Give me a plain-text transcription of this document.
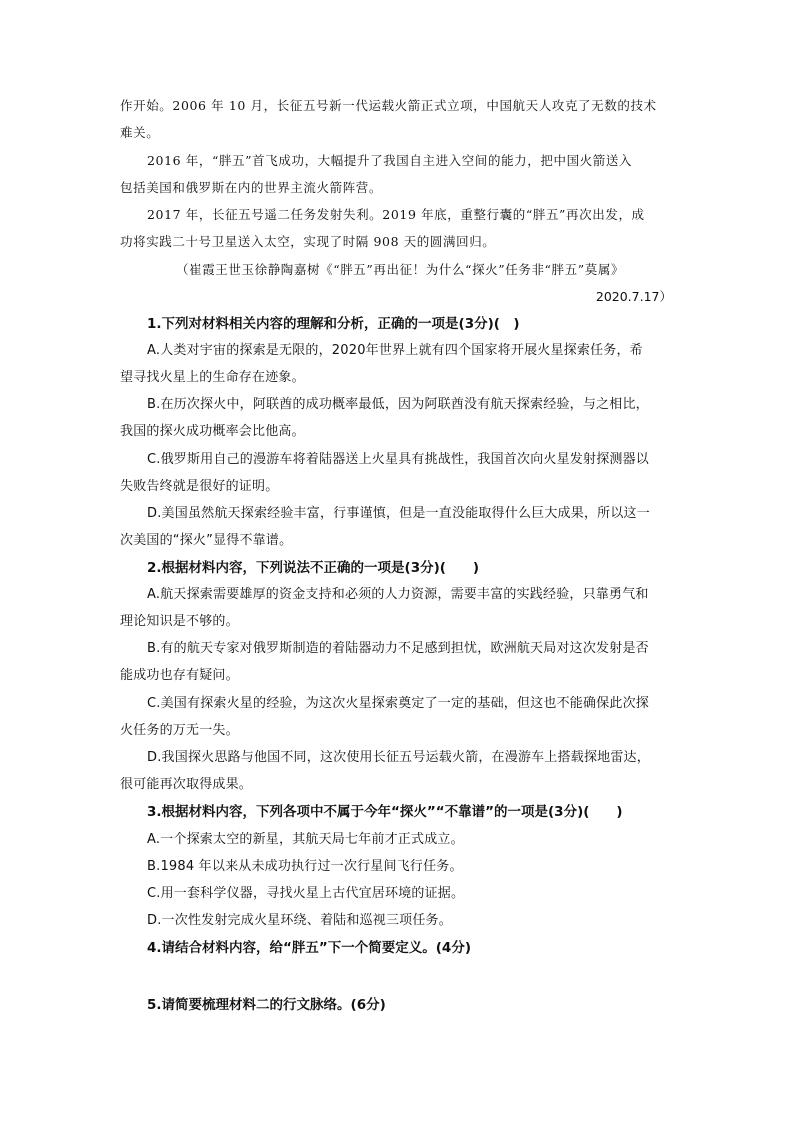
作开始。2006 年 10 月，长征五号新一代运载火箭正式立项，中国航天人攻克了无数的技术
难关。
2016 年，“胖五”首飞成功，大幅提升了我国自主进入空间的能力，把中国火箭送入
包括美国和俄罗斯在内的世界主流火箭阵营。
2017 年，长征五号遥二任务发射失利。2019 年底，重整行囊的“胖五”再次出发，成
功将实践二十号卫星送入太空，实现了时隔 908 天的圆满回归。
（崔霞王世玉徐静陶嘉树《“胖五”再出征！为什么“探火”任务非“胖五”莫属》
2020.7.17）
1.下列对材料相关内容的理解和分析，正确的一项是(3分)(　)
A.人类对宇宙的探索是无限的，2020年世界上就有四个国家将开展火星探索任务，希
望寻找火星上的生命存在迹象。
B.在历次探火中，阿联酋的成功概率最低，因为阿联酋没有航天探索经验，与之相比，
我国的探火成功概率会比他高。
C.俄罗斯用自己的漫游车将着陆器送上火星具有挑战性，我国首次向火星发射探测器以
失败告终就是很好的证明。
D.美国虽然航天探索经验丰富，行事谨慎，但是一直没能取得什么巨大成果，所以这一
次美国的“探火”显得不靠谱。
2.根据材料内容，下列说法不正确的一项是(3分)(　　)
A.航天探索需要雄厚的资金支持和必须的人力资源，需要丰富的实践经验，只靠勇气和
理论知识是不够的。
B.有的航天专家对俄罗斯制造的着陆器动力不足感到担忧，欧洲航天局对这次发射是否
能成功也存有疑问。
C.美国有探索火星的经验，为这次火星探索奠定了一定的基础，但这也不能确保此次探
火任务的万无一失。
D.我国探火思路与他国不同，这次使用长征五号运载火箭，在漫游车上搭载探地雷达，
很可能再次取得成果。
3.根据材料内容，下列各项中不属于今年“探火”“不靠谱”的一项是(3分)(　　)
A.一个探索太空的新星，其航天局七年前才正式成立。
B.1984 年以来从未成功执行过一次行星间飞行任务。
C.用一套科学仪器，寻找火星上古代宜居环境的证据。
D.一次性发射完成火星环绕、着陆和巡视三项任务。
4.请结合材料内容，给“胖五”下一个简要定义。(4分)
5.请简要梳理材料二的行文脉络。(6分)
